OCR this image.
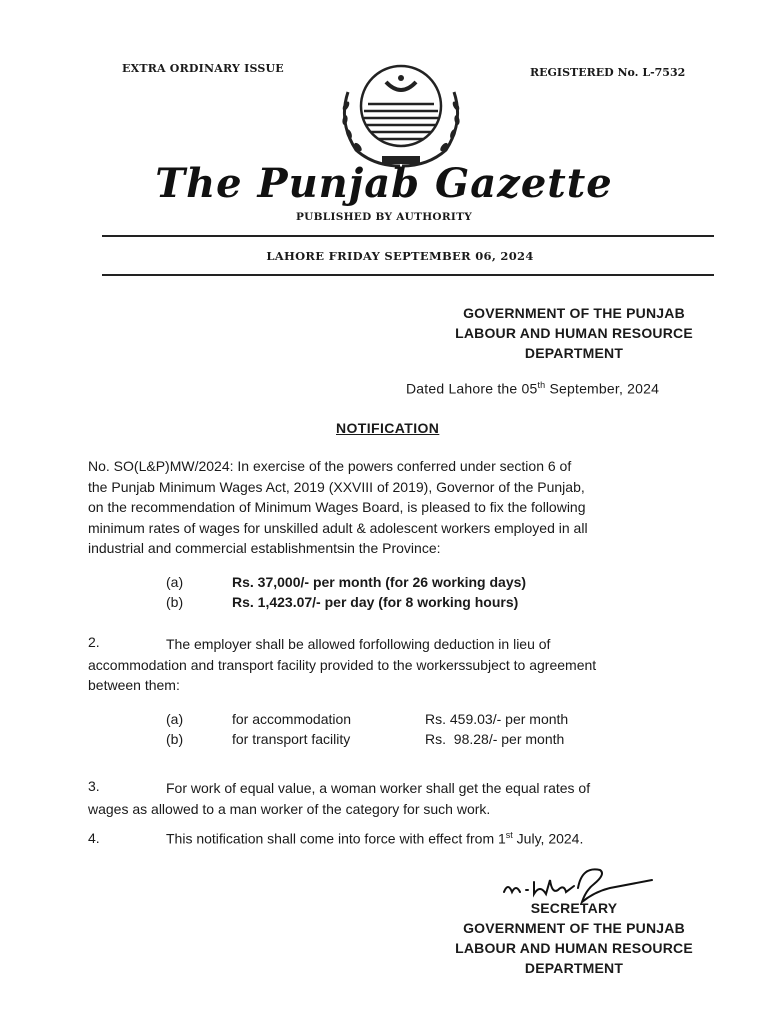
EXTRA ORDINARY ISSUE	REGISTERED No. L-7532
The Punjab Gazette
PUBLISHED BY AUTHORITY
LAHORE FRIDAY SEPTEMBER 06, 2024
GOVERNMENT OF THE PUNJAB
LABOUR AND HUMAN RESOURCE
DEPARTMENT
Dated Lahore the 05th September, 2024
NOTIFICATION
No. SO(L&P)MW/2024: In exercise of the powers conferred under section 6 of
the Punjab Minimum Wages Act, 2019 (XXVIII of 2019), Governor of the Punjab,
on the recommendation of Minimum Wages Board, is pleased to fix the following
minimum rates of wages for unskilled adult & adolescent workers employed in all
industrial and commercial establishmentsin the Province:
(a)	Rs. 37,000/- per month (for 26 working days)
(b)	Rs. 1,423.07/- per day (for 8 working hours)
2.	The employer shall be allowed forfollowing deduction in lieu of
accommodation and transport facility provided to the workerssubject to agreement
between them:
(a)	for accommodation	Rs. 459.03/- per month
(b)	for transport facility	Rs.  98.28/- per month
3.	For work of equal value, a woman worker shall get the equal rates of
wages as allowed to a man worker of the category for such work.
4.	This notification shall come into force with effect from 1st July, 2024.
SECRETARY
GOVERNMENT OF THE PUNJAB
LABOUR AND HUMAN RESOURCE
DEPARTMENT
